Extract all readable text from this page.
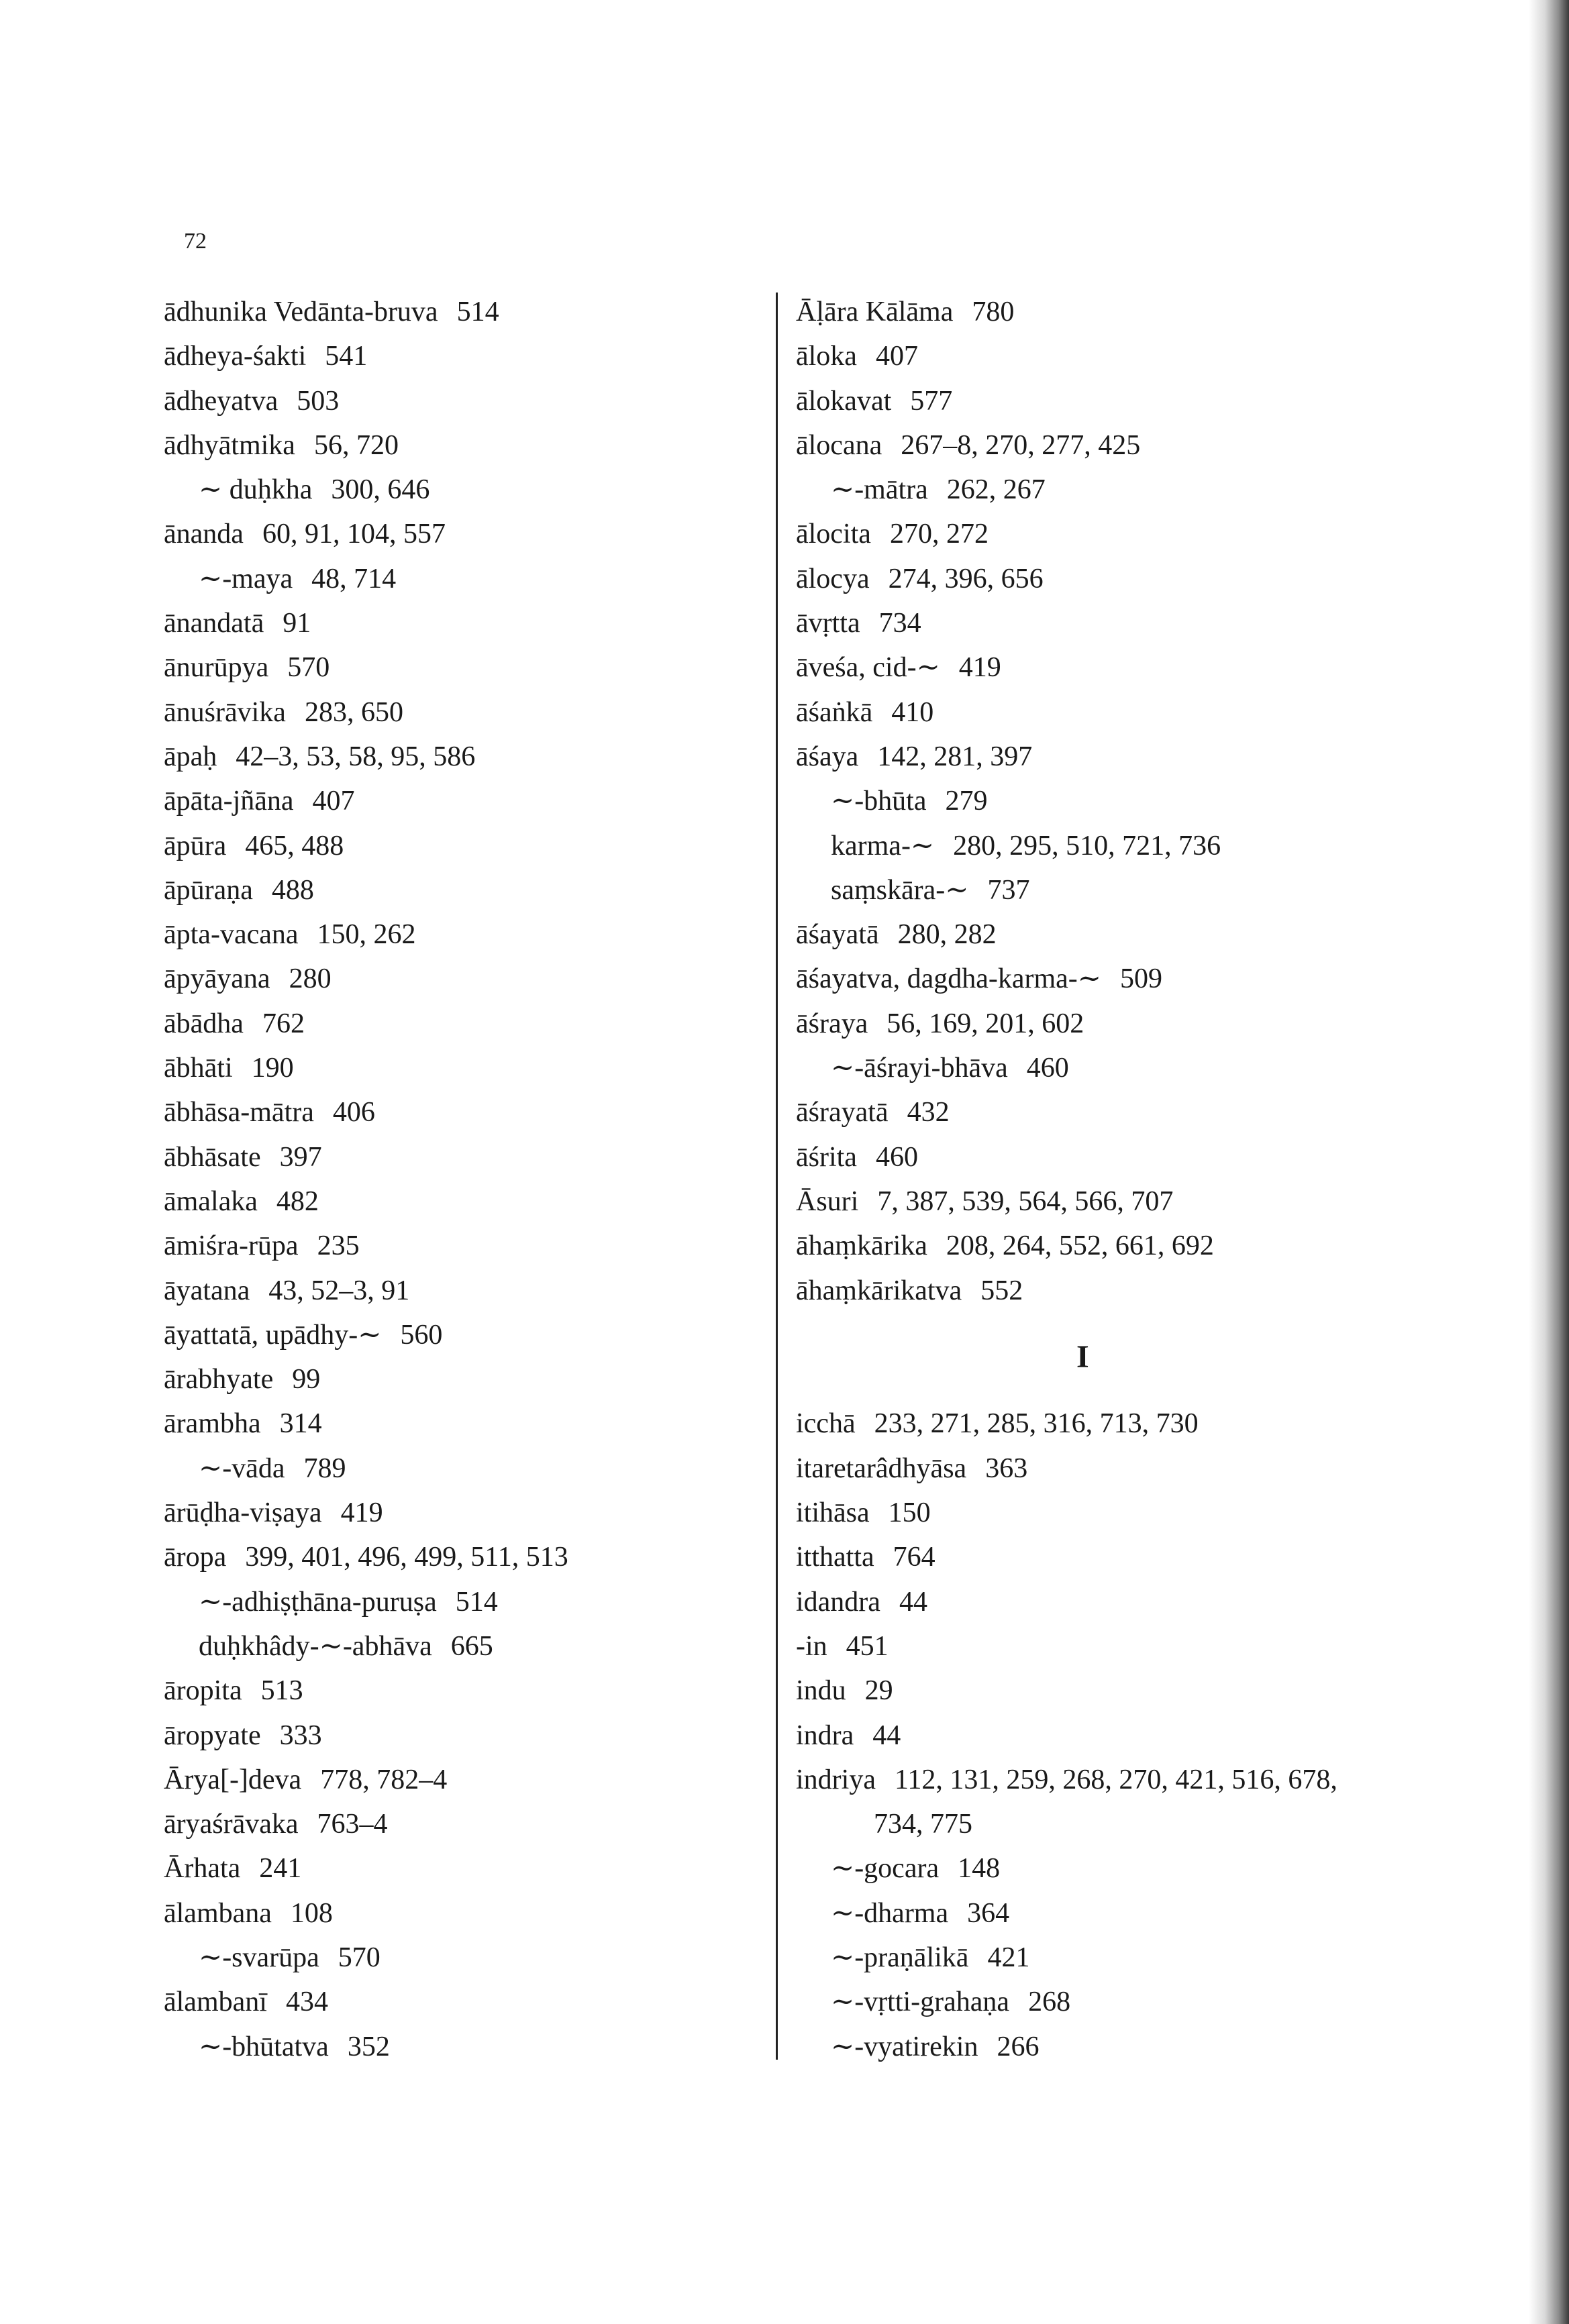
72
ādhunika Vedānta-bruva 514
ādheya-śakti 541
ādheyatva 503
ādhyātmika 56, 720
∼ duḥkha 300, 646
ānanda 60, 91, 104, 557
∼-maya 48, 714
ānandatā 91
ānurūpya 570
ānuśrāvika 283, 650
āpaḥ 42–3, 53, 58, 95, 586
āpāta-jñāna 407
āpūra 465, 488
āpūraṇa 488
āpta-vacana 150, 262
āpyāyana 280
ābādha 762
ābhāti 190
ābhāsa-mātra 406
ābhāsate 397
āmalaka 482
āmiśra-rūpa 235
āyatana 43, 52–3, 91
āyattatā, upādhy-∼ 560
ārabhyate 99
ārambha 314
∼-vāda 789
ārūḍha-viṣaya 419
āropa 399, 401, 496, 499, 511, 513
∼-adhiṣṭhāna-puruṣa 514
duḥkhâdy-∼-abhāva 665
āropita 513
āropyate 333
Ārya[-]deva 778, 782–4
āryaśrāvaka 763–4
Ārhata 241
ālambana 108
∼-svarūpa 570
ālambanī 434
∼-bhūtatva 352
Āḷāra Kālāma 780
āloka 407
ālokavat 577
ālocana 267–8, 270, 277, 425
∼-mātra 262, 267
ālocita 270, 272
ālocya 274, 396, 656
āvṛtta 734
āveśa, cid-∼ 419
āśaṅkā 410
āśaya 142, 281, 397
∼-bhūta 279
karma-∼ 280, 295, 510, 721, 736
saṃskāra-∼ 737
āśayatā 280, 282
āśayatva, dagdha-karma-∼ 509
āśraya 56, 169, 201, 602
∼-āśrayi-bhāva 460
āśrayatā 432
āśrita 460
Āsuri 7, 387, 539, 564, 566, 707
āhaṃkārika 208, 264, 552, 661, 692
āhaṃkārikatva 552
I
icchā 233, 271, 285, 316, 713, 730
itaretarâdhyāsa 363
itihāsa 150
itthatta 764
idandra 44
-in 451
indu 29
indra 44
indriya 112, 131, 259, 268, 270, 421, 516, 678,
734, 775
∼-gocara 148
∼-dharma 364
∼-praṇālikā 421
∼-vṛtti-grahaṇa 268
∼-vyatirekin 266
